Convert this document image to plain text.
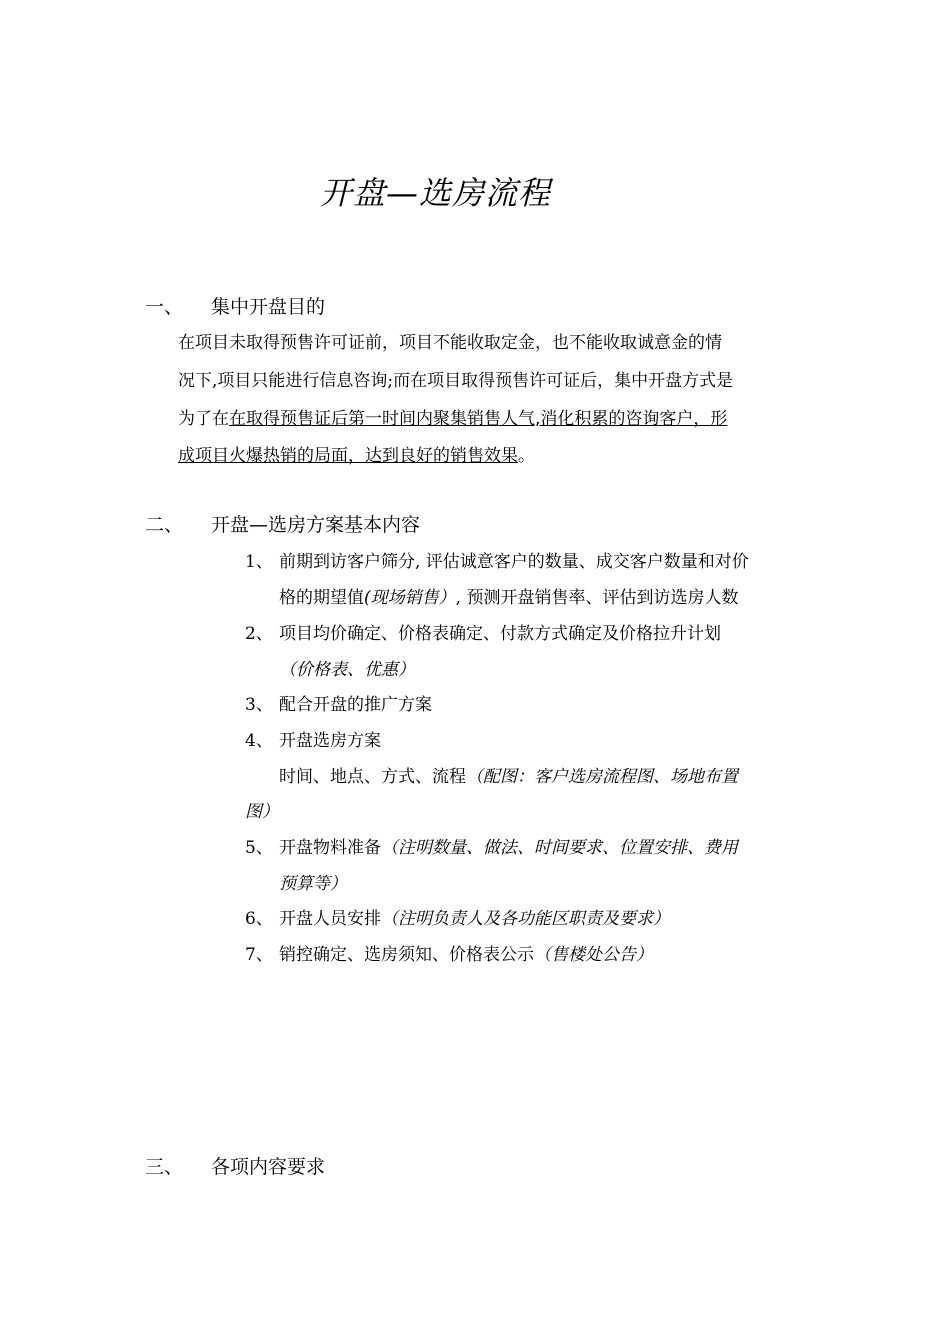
开盘—选房流程
一、 集中开盘目的
在项目未取得预售许可证前，项目不能收取定金，也不能收取诚意金的情
况下,项目只能进行信息咨询;而在项目取得预售许可证后，集中开盘方式是
为了在在取得预售证后第一时间内聚集销售人气,消化积累的咨询客户，形
成项目火爆热销的局面，达到良好的销售效果。
二、 开盘—选房方案基本内容
1、 前期到访客户筛分, 评估诚意客户的数量、成交客户数量和对价
格的期望值(现场销售）, 预测开盘销售率、评估到访选房人数
2、 项目均价确定、价格表确定、付款方式确定及价格拉升计划
（价格表、优惠）
3、 配合开盘的推广方案
4、 开盘选房方案
时间、地点、方式、流程（配图：客户选房流程图、场地布置
图）
5、 开盘物料准备（注明数量、做法、时间要求、位置安排、费用
预算等）
6、 开盘人员安排（注明负责人及各功能区职责及要求）
7、 销控确定、选房须知、价格表公示（售楼处公告）
三、 各项内容要求
